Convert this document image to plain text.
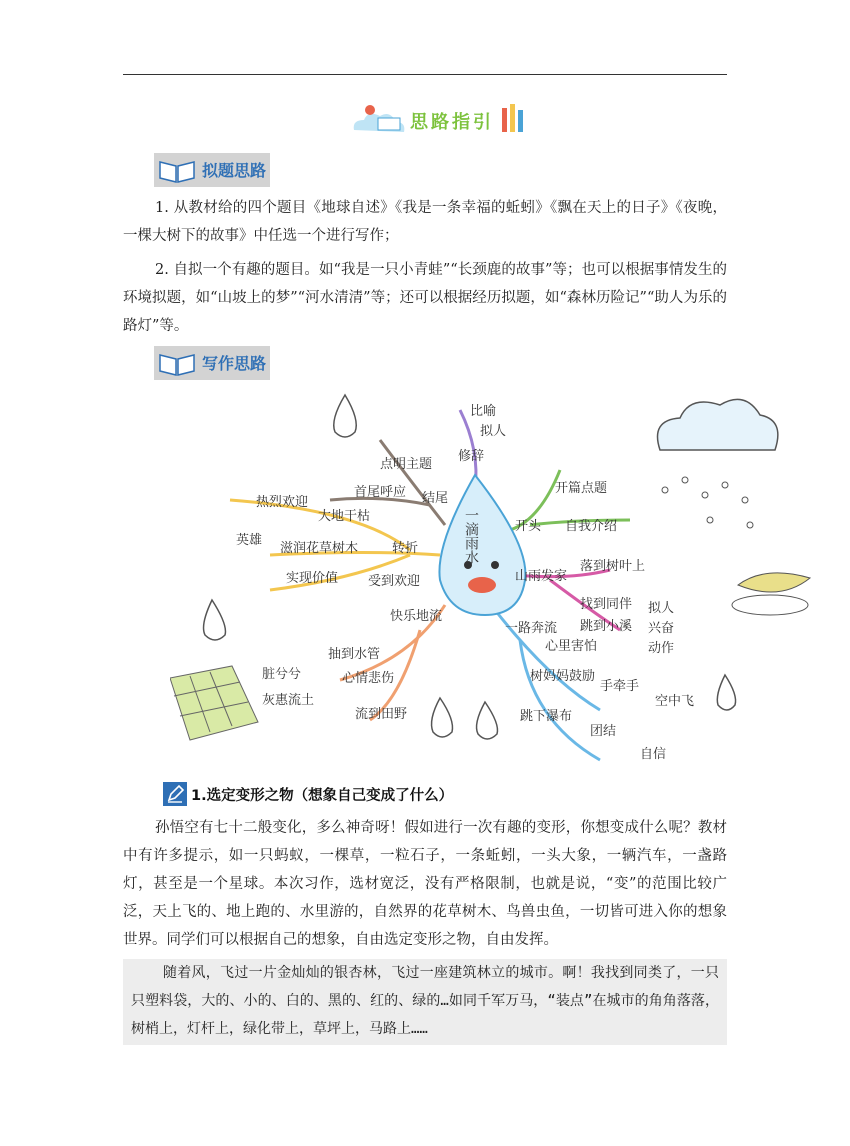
思路指引
拟题思路

1. 从教材给的四个题目《地球自述》《我是一条幸福的蚯蚓》《飘在天上的日子》《夜晚，一棵大树下的故事》中任选一个进行写作；

2. 自拟一个有趣的题目。如“我是一只小青蛙”“长颈鹿的故事”等；也可以根据事情发生的环境拟题，如“山坡上的梦”“河水清清”等；还可以根据经历拟题，如“森林历险记”“助人为乐的路灯”等。

写作思路
一滴雨水
修辞
比喻
拟人
开头
开篇点题
自我介绍
山雨发家
落到树叶上
找到同伴
跳到小溪
拟人
兴奋
动作
一路奔流
心里害怕
手牵手
空中飞
树妈妈鼓励
跳下瀑布
团结
自信
快乐地流
抽到水管
心情悲伤
流到田野
脏兮兮
灰惠流土
转折
受到欢迎
大地干枯
滋润花草树木
英雄
实现价值
热烈欢迎	结尾
首尾呼应
点明主题
1.选定变形之物（想象自己变成了什么）

孙悟空有七十二般变化，多么神奇呀！假如进行一次有趣的变形，你想变成什么呢？教材中有许多提示，如一只蚂蚁，一棵草，一粒石子，一条蚯蚓，一头大象，一辆汽车，一盏路灯，甚至是一个星球。本次习作，选材宽泛，没有严格限制，也就是说，“变”的范围比较广泛，天上飞的、地上跑的、水里游的，自然界的花草树木、鸟兽虫鱼，一切皆可进入你的想象世界。同学们可以根据自己的想象，自由选定变形之物，自由发挥。

随着风，飞过一片金灿灿的银杏林，飞过一座建筑林立的城市。啊！我找到同类了，一只只塑料袋，大的、小的、白的、黑的、红的、绿的…如同千军万马，“装点”在城市的角角落落，树梢上，灯杆上，绿化带上，草坪上，马路上……
